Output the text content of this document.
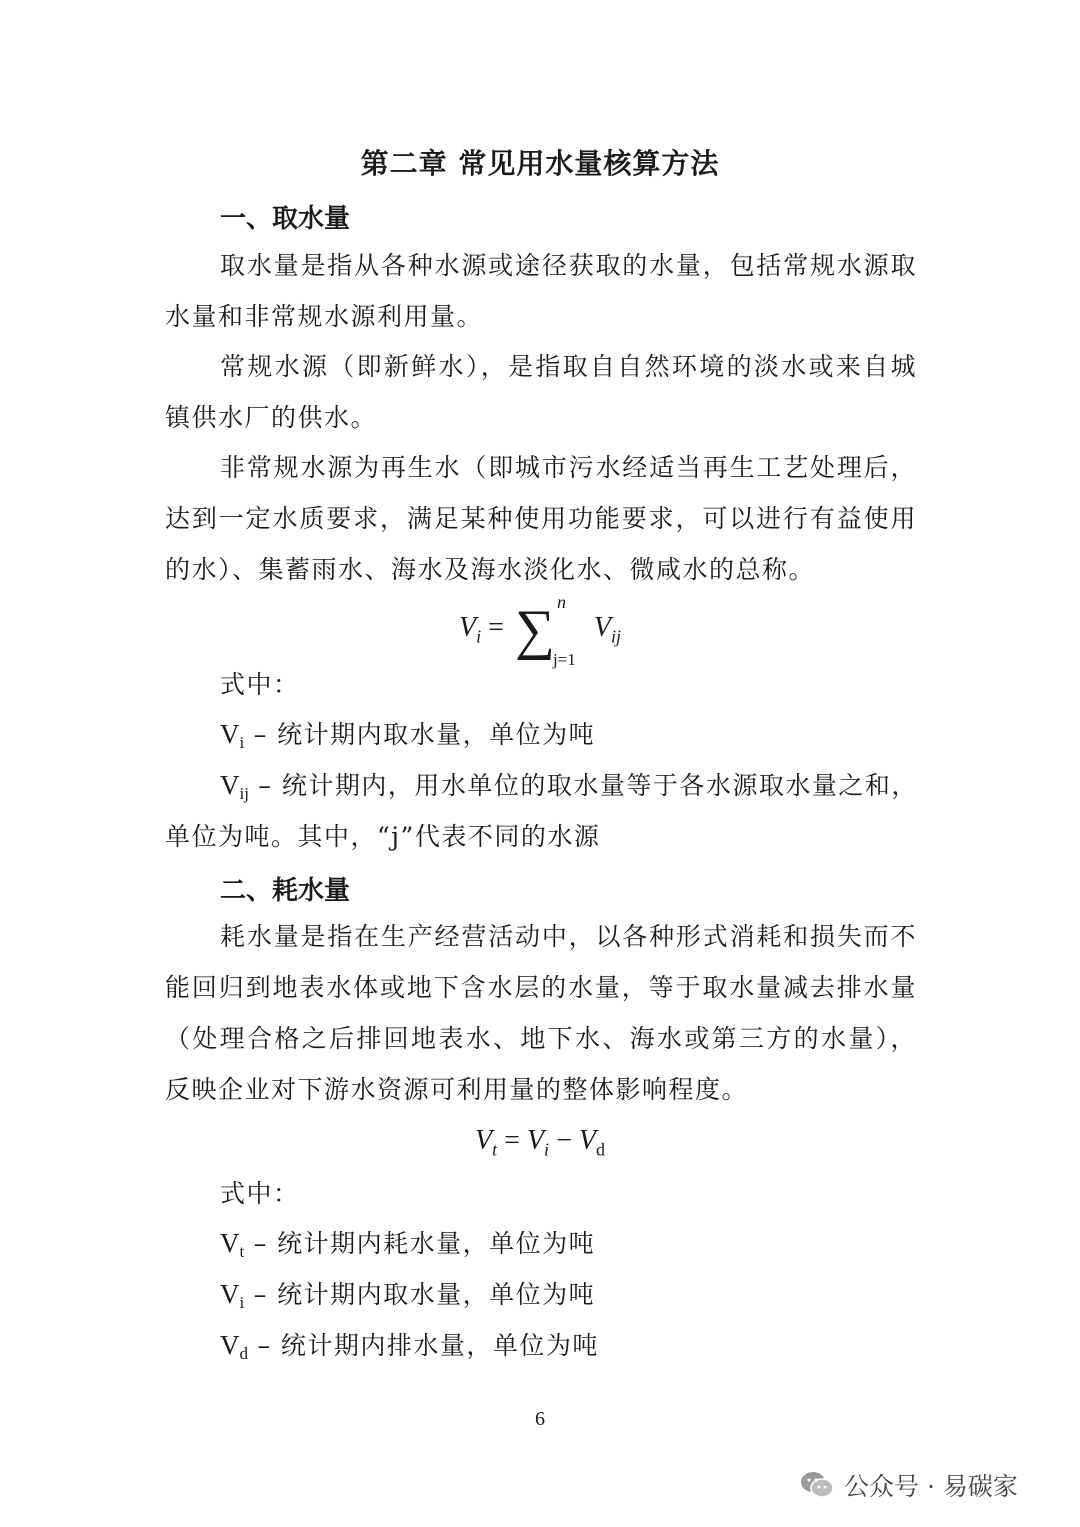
第二章 常见用水量核算方法
一、取水量

取水量是指从各种水源或途径获取的水量，包括常规水源取水量和非常规水源利用量。

常规水源（即新鲜水），是指取自自然环境的淡水或来自城镇供水厂的供水。

非常规水源为再生水（即城市污水经适当再生工艺处理后，达到一定水质要求，满足某种使用功能要求，可以进行有益使用的水）、集蓄雨水、海水及海水淡化水、微咸水的总称。

$V_i$ = ∑ n
j=1
$V_{ij}$
式中：
$V_i$ – 统计期内取水量，单位为吨
$V_{ij}$ – 统计期内，用水单位的取水量等于各水源取水量之和，
单位为吨。其中，“j”代表不同的水源
二、耗水量

耗水量是指在生产经营活动中，以各种形式消耗和损失而不能回归到地表水体或地下含水层的水量，等于取水量减去排水量（处理合格之后排回地表水、地下水、海水或第三方的水量），反映企业对下游水资源可利用量的整体影响程度。

$V_t = V_i - V_d$
式中：
$V_t$ – 统计期内耗水量，单位为吨
$V_i$ – 统计期内取水量，单位为吨
$V_d$ – 统计期内排水量，单位为吨
6
公众号 · 易碳家
